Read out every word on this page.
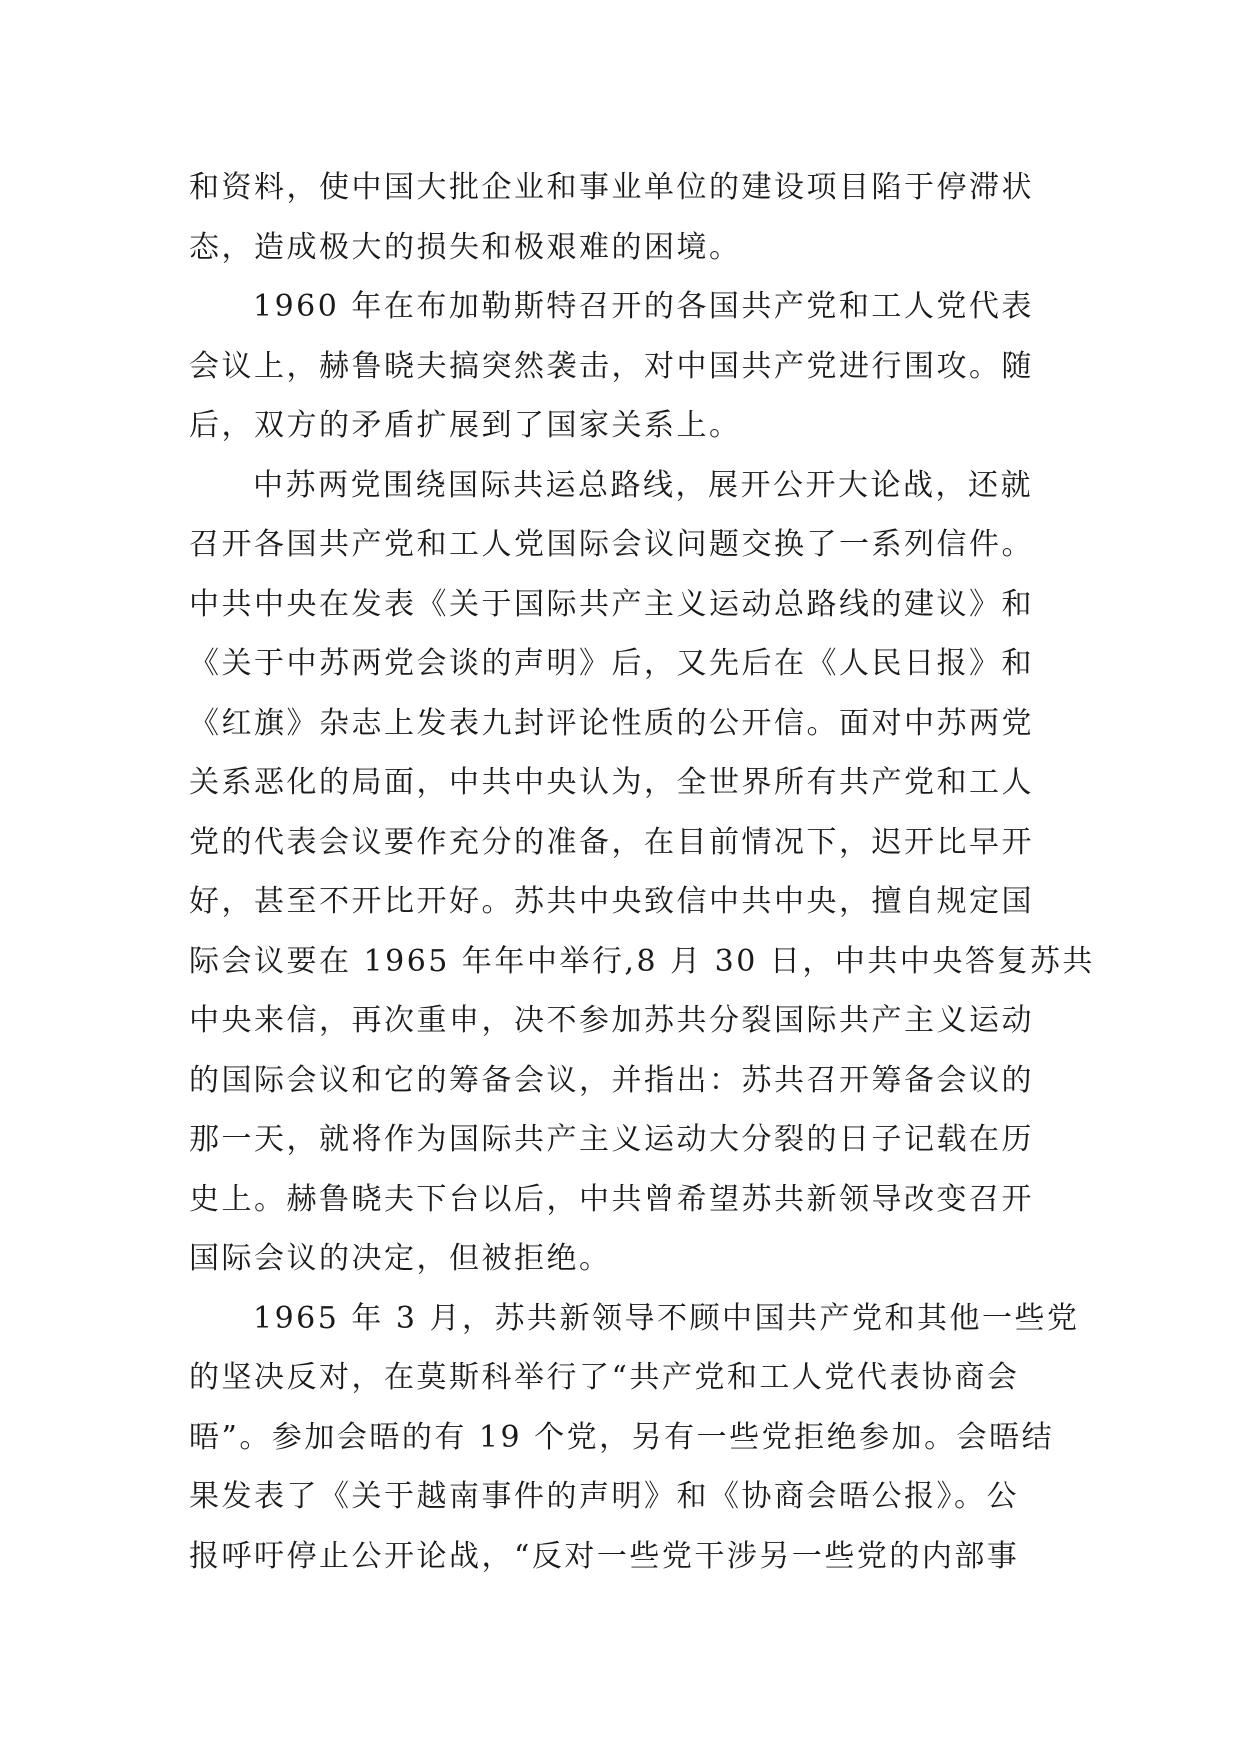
和资料，使中国大批企业和事业单位的建设项目陷于停滞状
态，造成极大的损失和极艰难的困境。
1960 年在布加勒斯特召开的各国共产党和工人党代表
会议上，赫鲁晓夫搞突然袭击，对中国共产党进行围攻。随
后，双方的矛盾扩展到了国家关系上。
中苏两党围绕国际共运总路线，展开公开大论战，还就
召开各国共产党和工人党国际会议问题交换了一系列信件。
中共中央在发表《关于国际共产主义运动总路线的建议》和
《关于中苏两党会谈的声明》后，又先后在《人民日报》和
《红旗》杂志上发表九封评论性质的公开信。面对中苏两党
关系恶化的局面，中共中央认为，全世界所有共产党和工人
党的代表会议要作充分的准备，在目前情况下，迟开比早开
好，甚至不开比开好。苏共中央致信中共中央，擅自规定国
际会议要在 1965 年年中举行,8 月 30 日，中共中央答复苏共
中央来信，再次重申，决不参加苏共分裂国际共产主义运动
的国际会议和它的筹备会议，并指出：苏共召开筹备会议的
那一天，就将作为国际共产主义运动大分裂的日子记载在历
史上。赫鲁晓夫下台以后，中共曾希望苏共新领导改变召开
国际会议的决定，但被拒绝。
1965 年 3 月，苏共新领导不顾中国共产党和其他一些党
的坚决反对，在莫斯科举行了“共产党和工人党代表协商会
晤”。参加会晤的有 19 个党，另有一些党拒绝参加。会晤结
果发表了《关于越南事件的声明》和《协商会晤公报》。公
报呼吁停止公开论战，“反对一些党干涉另一些党的内部事
